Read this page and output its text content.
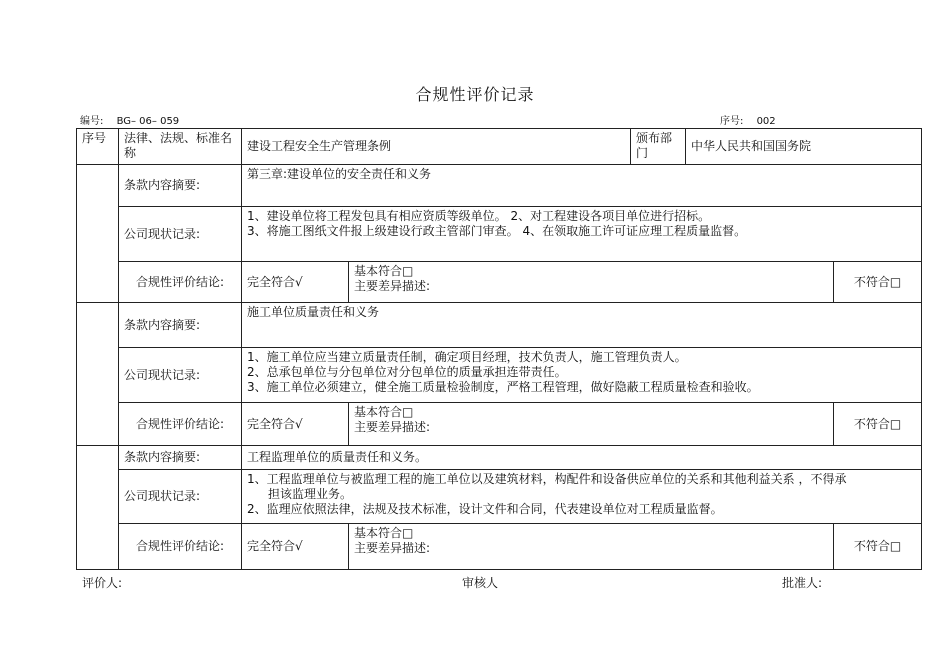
合规性评价记录
编号: BG– 06– 059	序号: 002
序号	法律、法规、标准名称	建设工程安全生产管理条例		颁布部门	中华人民共和国国务院	
	条款内容摘要:	第三章:建设单位的安全责任和义务				
	公司现状记录:	1、建设单位将工程发包具有相应资质等级单位。 2、对工程建设各项目单位进行招标。
3、将施工图纸文件报上级建设行政主管部门审查。 4、在领取施工许可证应理工程质量监督。				

	合规性评价结论:	完全符合√	基本符合□
主要差异描述:			不符合□
	条款内容摘要:	施工单位质量责任和义务				
	公司现状记录:	1、施工单位应当建立质量责任制，确定项目经理，技术负责人，施工管理负责人。
2、总承包单位与分包单位对分包单位的质量承担连带责任。
3、施工单位必须建立，健全施工质量检验制度，严格工程管理，做好隐蔽工程质量检查和验收。				

	合规性评价结论:	完全符合√	基本符合□
主要差异描述:			不符合□
	条款内容摘要:	工程监理单位的质量责任和义务。				
	公司现状记录:	1、工程监理单位与被监理工程的施工单位以及建筑材料，构配件和设备供应单位的关系和其他利益关系 ，不得承
担该监理业务。
2、监理应依照法律，法规及技术标准，设计文件和合同，代表建设单位对工程质量监督。				

	合规性评价结论:	完全符合√	基本符合□
主要差异描述:			不符合□
评价人:	审核人	批准人:
